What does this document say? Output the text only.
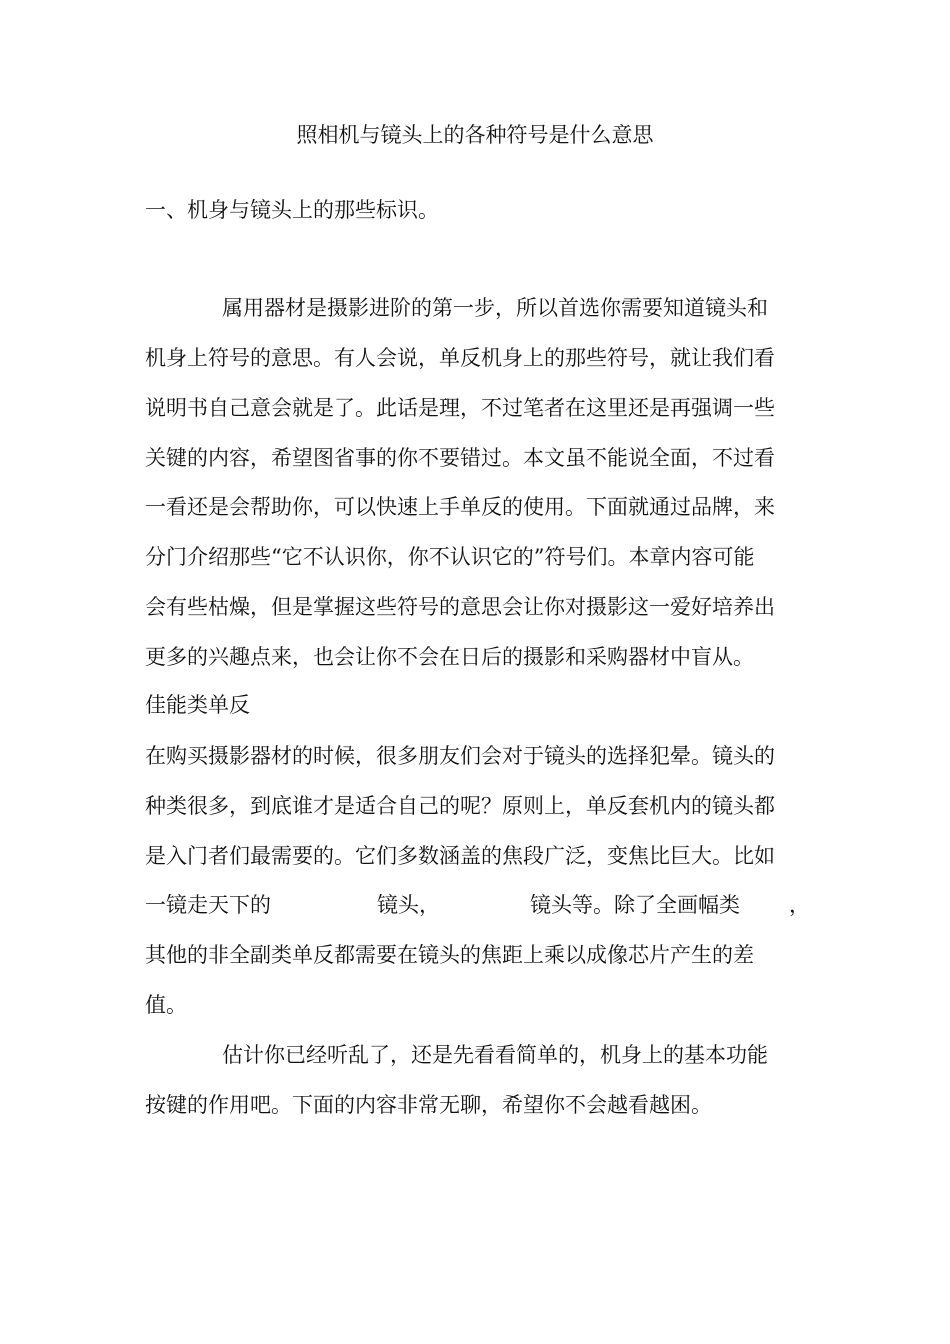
照相机与镜头上的各种符号是什么意思
一、机身与镜头上的那些标识。
属用器材是摄影进阶的第一步，所以首选你需要知道镜头和
机身上符号的意思。有人会说，单反机身上的那些符号，就让我们看
说明书自己意会就是了。此话是理，不过笔者在这里还是再强调一些
关键的内容，希望图省事的你不要错过。本文虽不能说全面，不过看
一看还是会帮助你，可以快速上手单反的使用。下面就通过品牌，来
分门介绍那些“它不认识你，你不认识它的”符号们。本章内容可能
会有些枯燥，但是掌握这些符号的意思会让你对摄影这一爱好培养出
更多的兴趣点来，也会让你不会在日后的摄影和采购器材中盲从。
佳能类单反
在购买摄影器材的时候，很多朋友们会对于镜头的选择犯晕。镜头的
种类很多，到底谁才是适合自己的呢？原则上，单反套机内的镜头都
是入门者们最需要的。它们多数涵盖的焦段广泛，变焦比巨大。比如
一镜走天下的	镜头，	镜头等。除了全画幅类 ，
其他的非全副类单反都需要在镜头的焦距上乘以成像芯片产生的差
值。
估计你已经听乱了，还是先看看简单的，机身上的基本功能
按键的作用吧。下面的内容非常无聊，希望你不会越看越困。
